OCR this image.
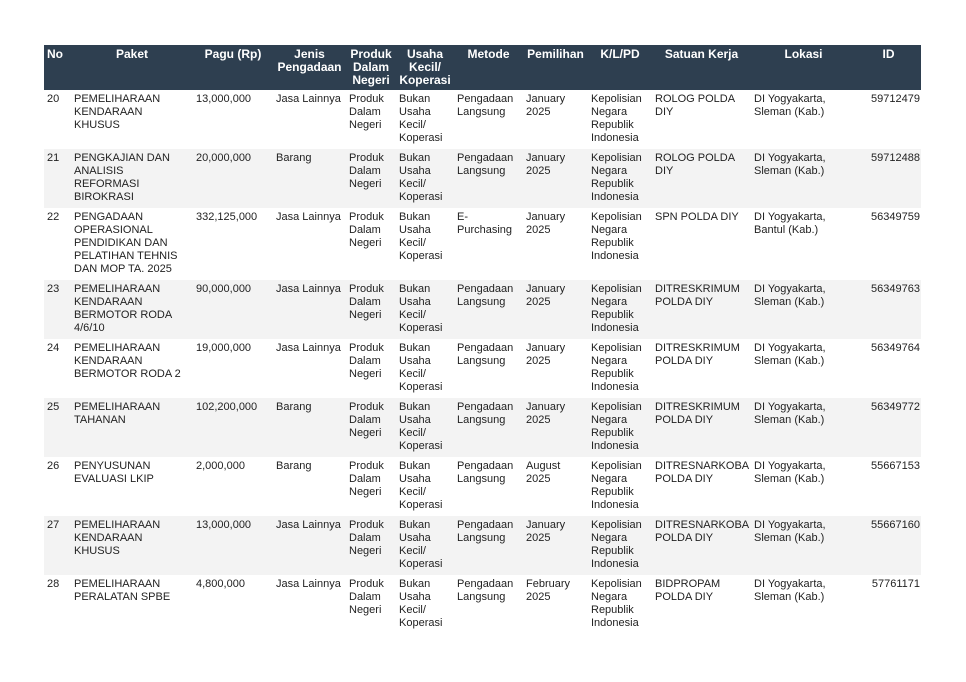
No	Paket	Pagu (Rp)	Jenis Pengadaan	Produk Dalam Negeri	Usaha Kecil/ Koperasi	Metode	Pemilihan	K/L/PD	Satuan Kerja	Lokasi	ID
20	PEMELIHARAAN KENDARAAN KHUSUS	13,000,000	Jasa Lainnya	Produk Dalam Negeri	Bukan Usaha Kecil/ Koperasi	Pengadaan Langsung	January 2025	Kepolisian Negara Republik Indonesia	ROLOG POLDA DIY	DI Yogyakarta, Sleman (Kab.)	59712479
21	PENGKAJIAN DAN ANALISIS REFORMASI BIROKRASI	20,000,000	Barang	Produk Dalam Negeri	Bukan Usaha Kecil/ Koperasi	Pengadaan Langsung	January 2025	Kepolisian Negara Republik Indonesia	ROLOG POLDA DIY	DI Yogyakarta, Sleman (Kab.)	59712488
22	PENGADAAN OPERASIONAL PENDIDIKAN DAN PELATIHAN TEHNIS DAN MOP TA. 2025	332,125,000	Jasa Lainnya	Produk Dalam Negeri	Bukan Usaha Kecil/ Koperasi	E-Purchasing	January 2025	Kepolisian Negara Republik Indonesia	SPN POLDA DIY	DI Yogyakarta, Bantul (Kab.)	56349759
23	PEMELIHARAAN KENDARAAN BERMOTOR RODA 4/6/10	90,000,000	Jasa Lainnya	Produk Dalam Negeri	Bukan Usaha Kecil/ Koperasi	Pengadaan Langsung	January 2025	Kepolisian Negara Republik Indonesia	DITRESKRIMUM POLDA DIY	DI Yogyakarta, Sleman (Kab.)	56349763
24	PEMELIHARAAN KENDARAAN BERMOTOR RODA 2	19,000,000	Jasa Lainnya	Produk Dalam Negeri	Bukan Usaha Kecil/ Koperasi	Pengadaan Langsung	January 2025	Kepolisian Negara Republik Indonesia	DITRESKRIMUM POLDA DIY	DI Yogyakarta, Sleman (Kab.)	56349764
25	PEMELIHARAAN TAHANAN	102,200,000	Barang	Produk Dalam Negeri	Bukan Usaha Kecil/ Koperasi	Pengadaan Langsung	January 2025	Kepolisian Negara Republik Indonesia	DITRESKRIMUM POLDA DIY	DI Yogyakarta, Sleman (Kab.)	56349772
26	PENYUSUNAN EVALUASI LKIP	2,000,000	Barang	Produk Dalam Negeri	Bukan Usaha Kecil/ Koperasi	Pengadaan Langsung	August 2025	Kepolisian Negara Republik Indonesia	DITRESNARKOBA POLDA DIY	DI Yogyakarta, Sleman (Kab.)	55667153
27	PEMELIHARAAN KENDARAAN KHUSUS	13,000,000	Jasa Lainnya	Produk Dalam Negeri	Bukan Usaha Kecil/ Koperasi	Pengadaan Langsung	January 2025	Kepolisian Negara Republik Indonesia	DITRESNARKOBA POLDA DIY	DI Yogyakarta, Sleman (Kab.)	55667160
28	PEMELIHARAAN PERALATAN SPBE	4,800,000	Jasa Lainnya	Produk Dalam Negeri	Bukan Usaha Kecil/ Koperasi	Pengadaan Langsung	February 2025	Kepolisian Negara Republik Indonesia	BIDPROPAM POLDA DIY	DI Yogyakarta, Sleman (Kab.)	57761171
